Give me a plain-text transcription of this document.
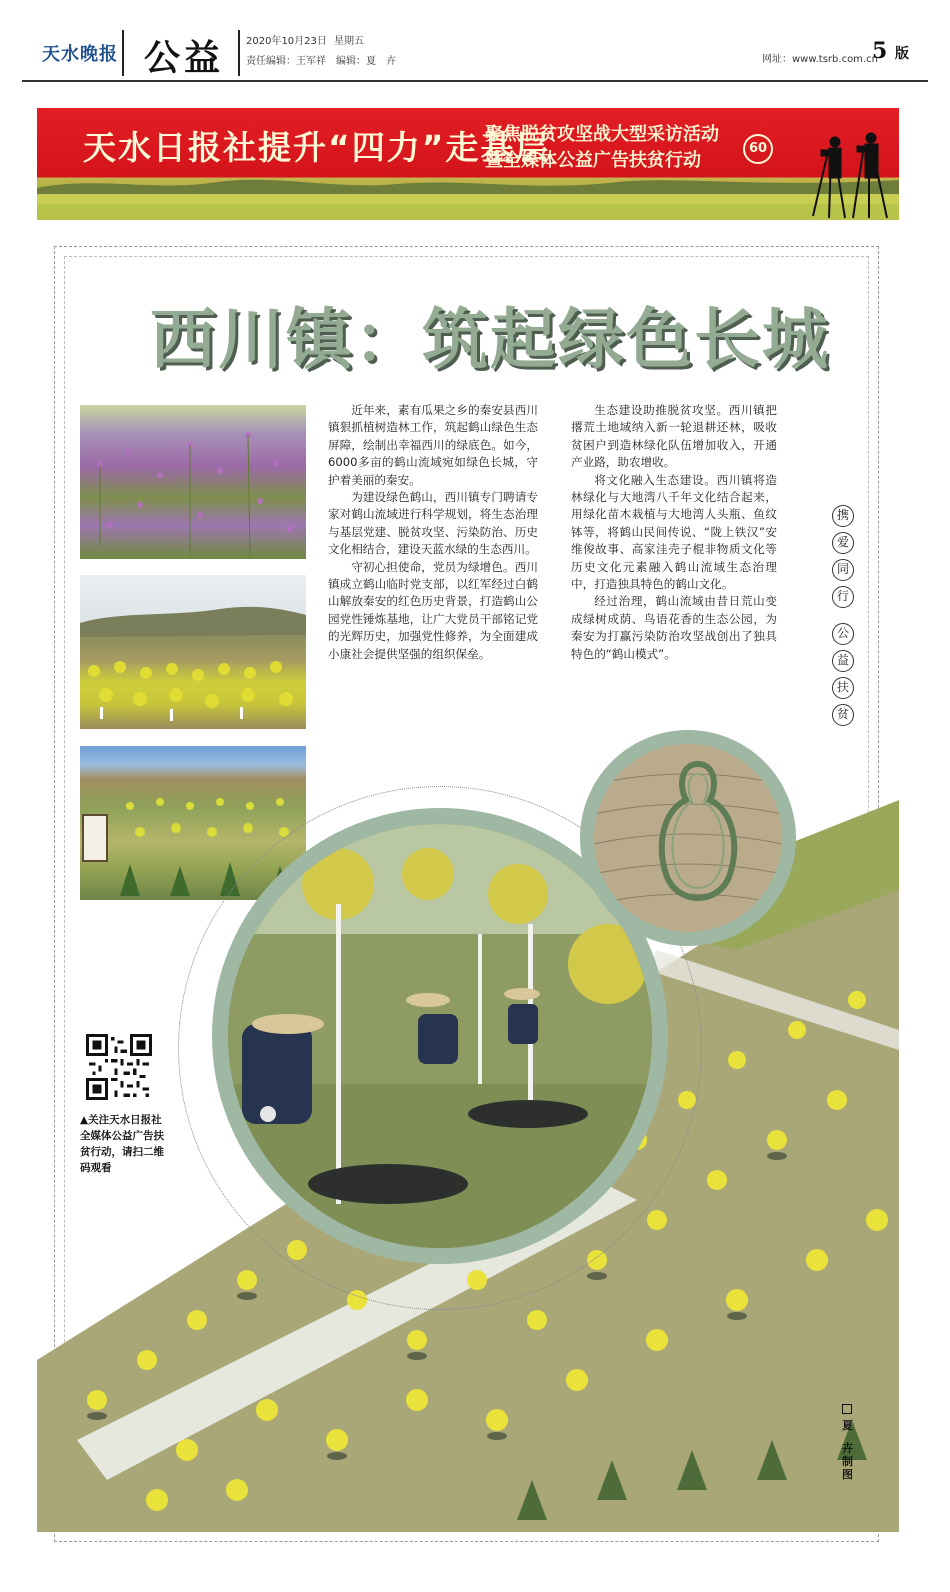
天水晚报 公益 2020年10月23日 星期五
责任编辑：王军祥　编辑：夏　卉	网址：www.tsrb.com.cn
5 版
天水日报社提升“四力”走基层
聚焦脱贫攻坚战大型采访活动
暨全媒体公益广告扶贫行动
60
西川镇：筑起绿色长城

近年来，素有瓜果之乡的秦安县西川镇狠抓植树造林工作，筑起鹤山绿色生态屏障，绘制出幸福西川的绿底色。如今，6000多亩的鹤山流域宛如绿色长城，守护着美丽的秦安。

为建设绿色鹤山，西川镇专门聘请专家对鹤山流域进行科学规划，将生态治理与基层党建、脱贫攻坚、污染防治、历史文化相结合，建设天蓝水绿的生态西川。

守初心担使命，党员为绿增色。西川镇成立鹤山临时党支部，以红军经过白鹤山解放秦安的红色历史背景，打造鹤山公园党性锤炼基地，让广大党员干部铭记党的光辉历史，加强党性修养，为全面建成小康社会提供坚强的组织保垒。

生态建设助推脱贫攻坚。西川镇把撂荒土地域纳入新一轮退耕还林，吸收贫困户到造林绿化队伍增加收入，开通产业路，助农增收。

将文化融入生态建设。西川镇将造林绿化与大地湾八千年文化结合起来，用绿化苗木栽植与大地湾人头瓶、鱼纹钵等，将鹤山民间传说、“陇上铁汉”安维俊故事、高家洼壳子棍非物质文化等历史文化元素融入鹤山流域生态治理中，打造独具特色的鹤山文化。

经过治理，鹤山流域由昔日荒山变成绿树成荫、鸟语花香的生态公园，为秦安为打赢污染防治攻坚战创出了独具特色的“鹤山模式”。

携
爱
同
行
公
益
扶
贫
▲关注天水日报社全媒体公益广告扶贫行动，请扫二维码观看
夏
卉制图
